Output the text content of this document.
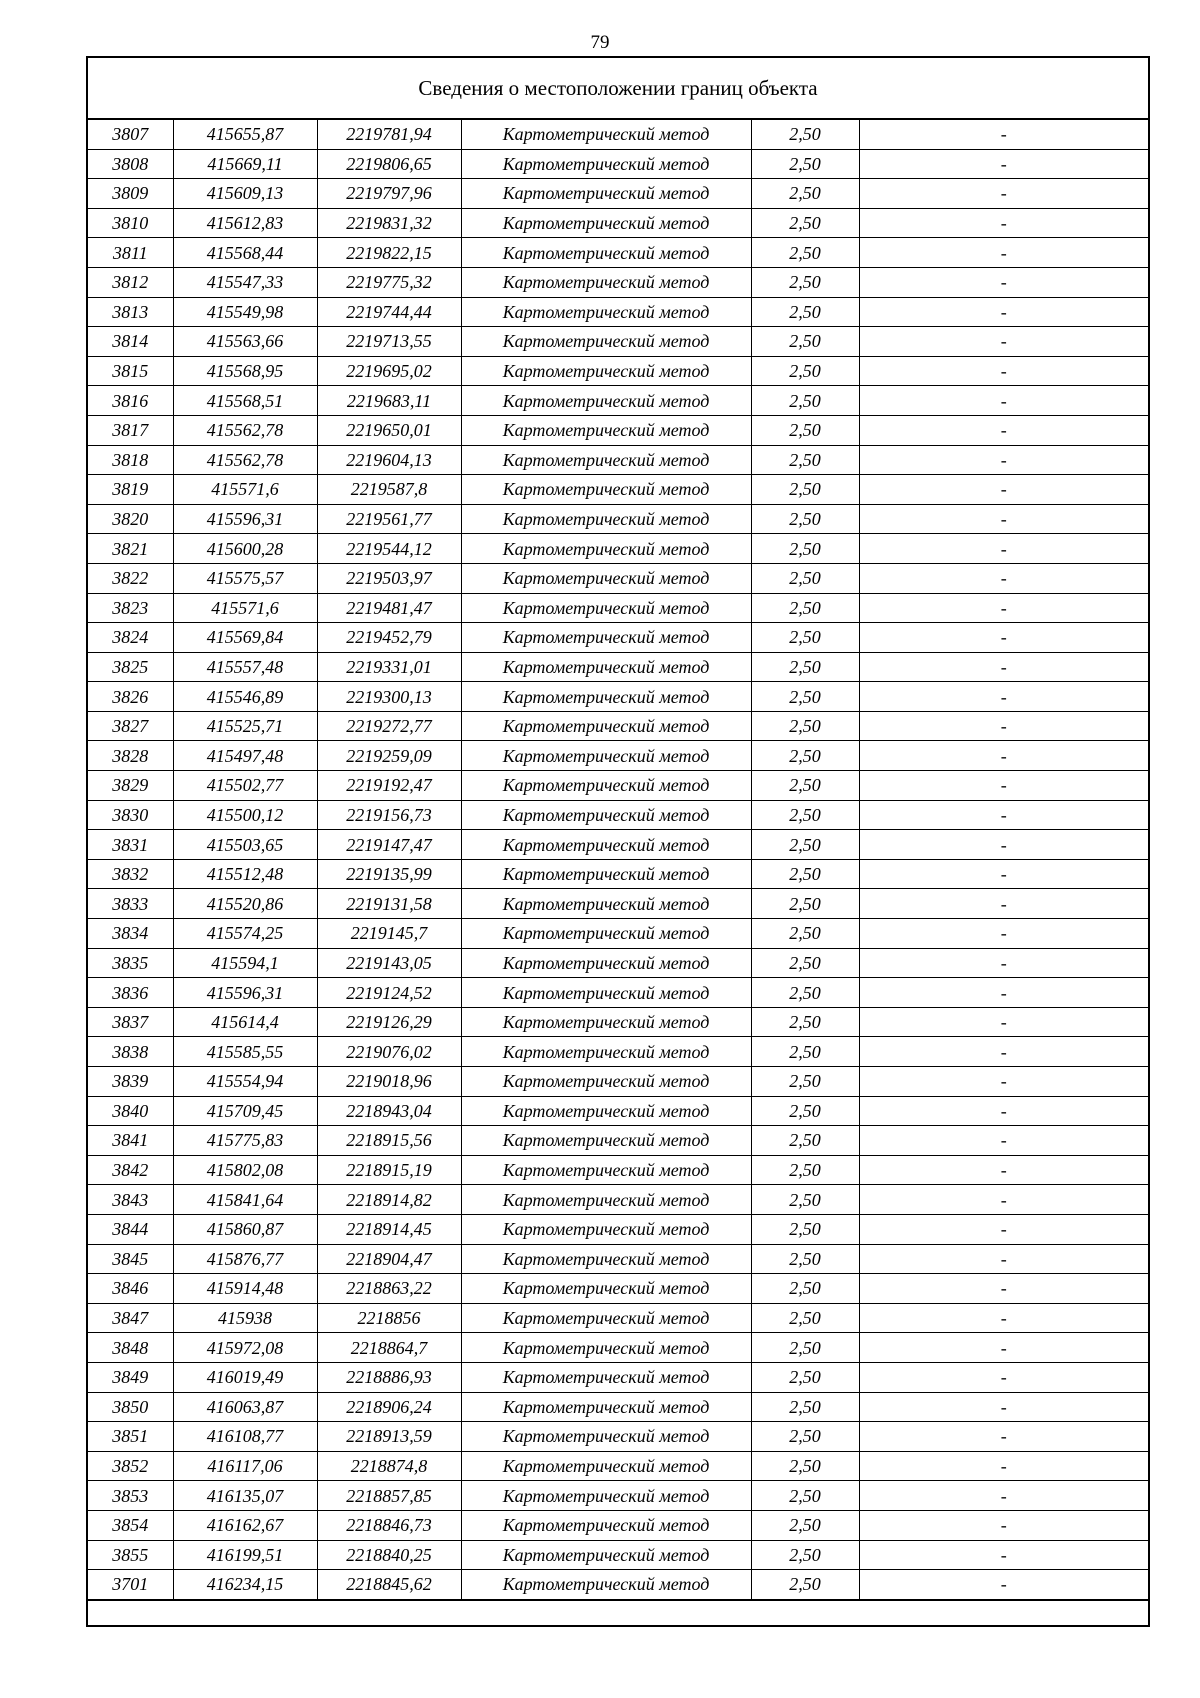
79
Сведения о местоположении границ объекта					
3807	415655,87	2219781,94	Картометрический метод	2,50	-
3808	415669,11	2219806,65	Картометрический метод	2,50	-
3809	415609,13	2219797,96	Картометрический метод	2,50	-
3810	415612,83	2219831,32	Картометрический метод	2,50	-
3811	415568,44	2219822,15	Картометрический метод	2,50	-
3812	415547,33	2219775,32	Картометрический метод	2,50	-
3813	415549,98	2219744,44	Картометрический метод	2,50	-
3814	415563,66	2219713,55	Картометрический метод	2,50	-
3815	415568,95	2219695,02	Картометрический метод	2,50	-
3816	415568,51	2219683,11	Картометрический метод	2,50	-
3817	415562,78	2219650,01	Картометрический метод	2,50	-
3818	415562,78	2219604,13	Картометрический метод	2,50	-
3819	415571,6	2219587,8	Картометрический метод	2,50	-
3820	415596,31	2219561,77	Картометрический метод	2,50	-
3821	415600,28	2219544,12	Картометрический метод	2,50	-
3822	415575,57	2219503,97	Картометрический метод	2,50	-
3823	415571,6	2219481,47	Картометрический метод	2,50	-
3824	415569,84	2219452,79	Картометрический метод	2,50	-
3825	415557,48	2219331,01	Картометрический метод	2,50	-
3826	415546,89	2219300,13	Картометрический метод	2,50	-
3827	415525,71	2219272,77	Картометрический метод	2,50	-
3828	415497,48	2219259,09	Картометрический метод	2,50	-
3829	415502,77	2219192,47	Картометрический метод	2,50	-
3830	415500,12	2219156,73	Картометрический метод	2,50	-
3831	415503,65	2219147,47	Картометрический метод	2,50	-
3832	415512,48	2219135,99	Картометрический метод	2,50	-
3833	415520,86	2219131,58	Картометрический метод	2,50	-
3834	415574,25	2219145,7	Картометрический метод	2,50	-
3835	415594,1	2219143,05	Картометрический метод	2,50	-
3836	415596,31	2219124,52	Картометрический метод	2,50	-
3837	415614,4	2219126,29	Картометрический метод	2,50	-
3838	415585,55	2219076,02	Картометрический метод	2,50	-
3839	415554,94	2219018,96	Картометрический метод	2,50	-
3840	415709,45	2218943,04	Картометрический метод	2,50	-
3841	415775,83	2218915,56	Картометрический метод	2,50	-
3842	415802,08	2218915,19	Картометрический метод	2,50	-
3843	415841,64	2218914,82	Картометрический метод	2,50	-
3844	415860,87	2218914,45	Картометрический метод	2,50	-
3845	415876,77	2218904,47	Картометрический метод	2,50	-
3846	415914,48	2218863,22	Картометрический метод	2,50	-
3847	415938	2218856	Картометрический метод	2,50	-
3848	415972,08	2218864,7	Картометрический метод	2,50	-
3849	416019,49	2218886,93	Картометрический метод	2,50	-
3850	416063,87	2218906,24	Картометрический метод	2,50	-
3851	416108,77	2218913,59	Картометрический метод	2,50	-
3852	416117,06	2218874,8	Картометрический метод	2,50	-
3853	416135,07	2218857,85	Картометрический метод	2,50	-
3854	416162,67	2218846,73	Картометрический метод	2,50	-
3855	416199,51	2218840,25	Картометрический метод	2,50	-
3701	416234,15	2218845,62	Картометрический метод	2,50	-
